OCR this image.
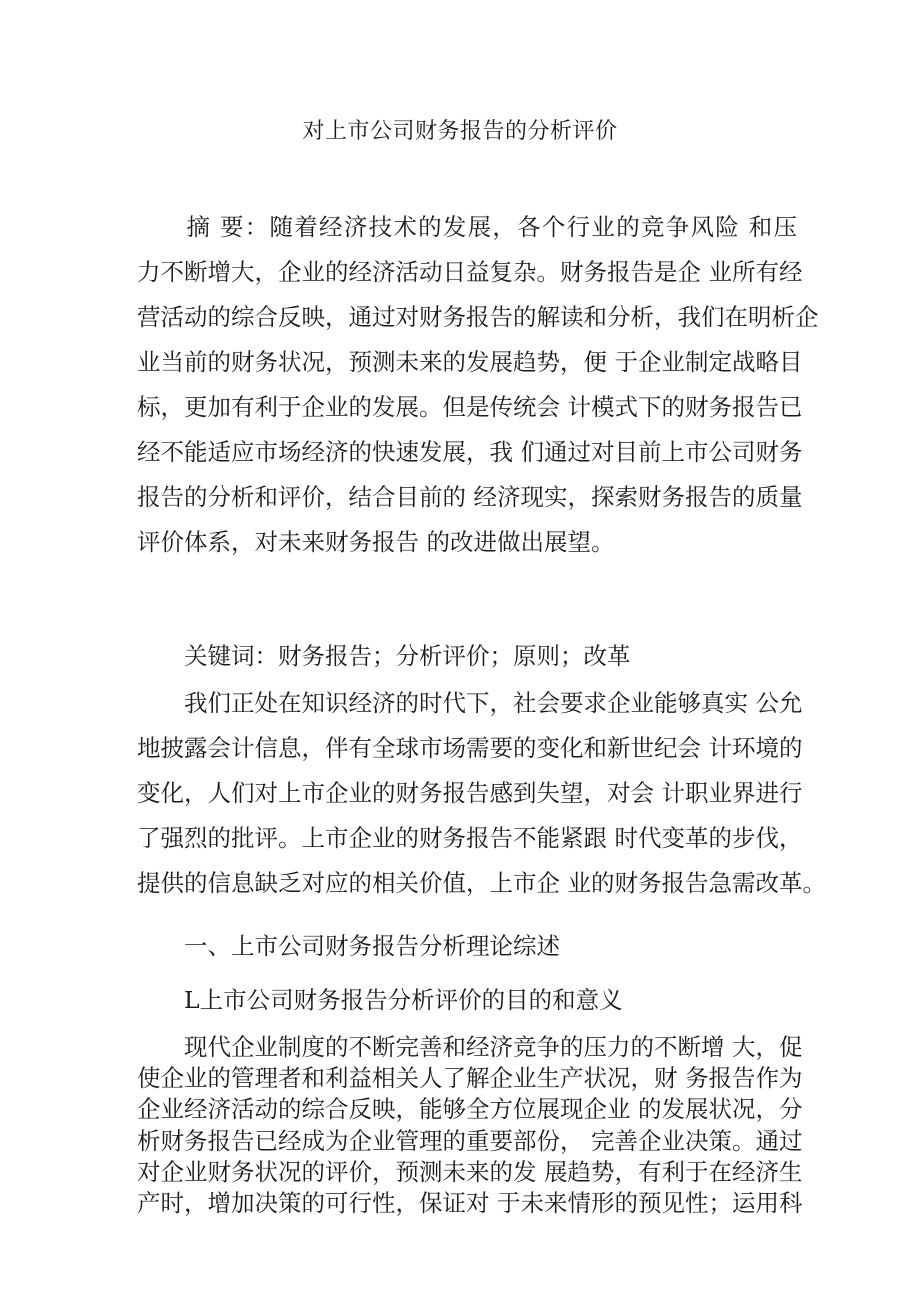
对上市公司财务报告的分析评价
　　摘 要：随着经济技术的发展，各个行业的竞争风险 和压
力不断增大，企业的经济活动日益复杂。财务报告是企 业所有经
营活动的综合反映，通过对财务报告的解读和分析，我们在明析企
业当前的财务状况，预测未来的发展趋势，便 于企业制定战略目
标，更加有利于企业的发展。但是传统会 计模式下的财务报告已
经不能适应市场经济的快速发展，我 们通过对目前上市公司财务
报告的分析和评价，结合目前的 经济现实，探索财务报告的质量
评价体系，对未来财务报告 的改进做出展望。
　　关键词：财务报告；分析评价；原则；改革
　　我们正处在知识经济的时代下，社会要求企业能够真实 公允
地披露会计信息，伴有全球市场需要的变化和新世纪会 计环境的
变化，人们对上市企业的财务报告感到失望，对会 计职业界进行
了强烈的批评。上市企业的财务报告不能紧跟 时代变革的步伐，
提供的信息缺乏对应的相关价值，上市企 业的财务报告急需改革。
　　一、上市公司财务报告分析理论综述
　　L上市公司财务报告分析评价的目的和意义
　　现代企业制度的不断完善和经济竞争的压力的不断增 大，促
使企业的管理者和利益相关人了解企业生产状况，财 务报告作为
企业经济活动的综合反映，能够全方位展现企业 的发展状况，分
析财务报告已经成为企业管理的重要部份， 完善企业决策。通过
对企业财务状况的评价，预测未来的发 展趋势，有利于在经济生
产时，增加决策的可行性，保证对 于未来情形的预见性；运用科
